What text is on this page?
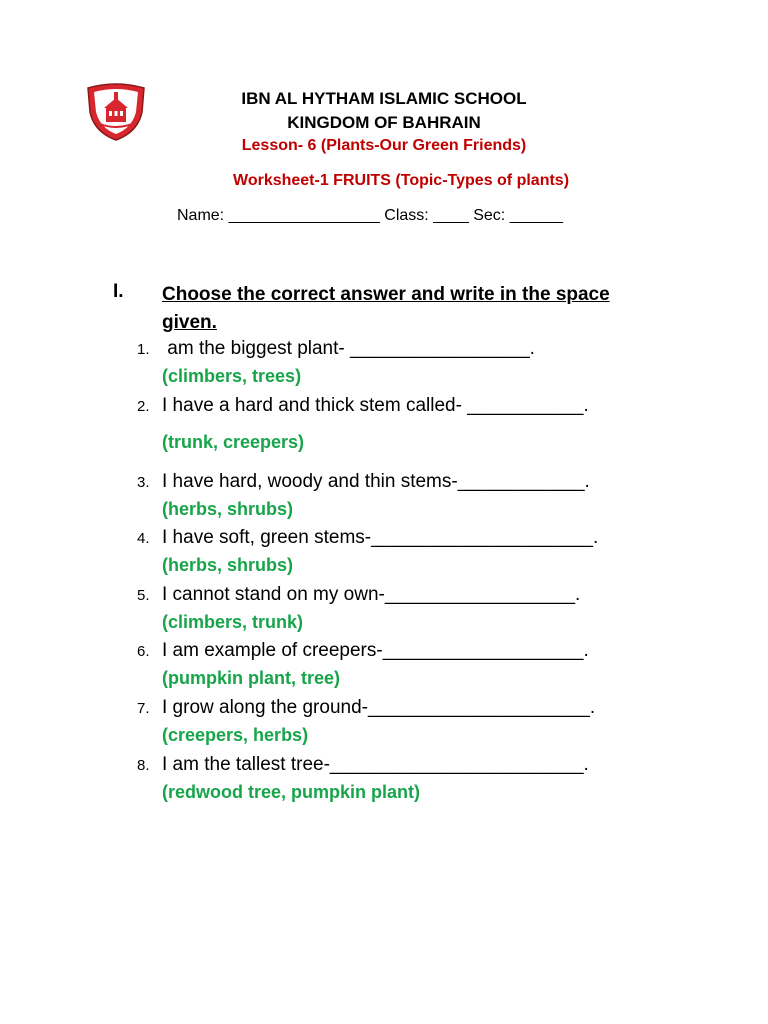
IBN AL HYTHAM ISLAMIC SCHOOL
KINGDOM OF BAHRAIN
Lesson- 6 (Plants-Our Green Friends)
Worksheet-1 FRUITS (Topic-Types of plants)
Name: _________________ Class: ____ Sec: ______
I. Choose the correct answer and write in the space given.
1. am the biggest plant- _________________.
(climbers, trees)
2. I have a hard and thick stem called- ___________.
(trunk, creepers)
3. I have hard, woody and thin stems-____________.
(herbs, shrubs)
4. I have soft, green stems-_____________________.
(herbs, shrubs)
5. I cannot stand on my own-__________________.
(climbers, trunk)
6. I am example of creepers-___________________.
(pumpkin plant, tree)
7. I grow along the ground-_____________________.
(creepers, herbs)
8. I am the tallest tree-________________________.
(redwood tree, pumpkin plant)
